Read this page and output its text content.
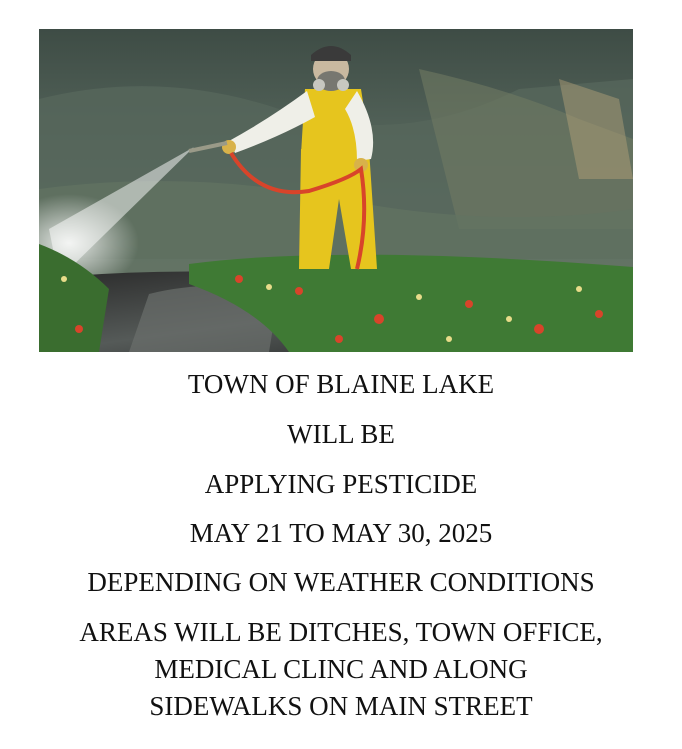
TOWN OF BLAINE LAKE
WILL BE
APPLYING PESTICIDE
MAY 21 TO MAY 30, 2025
DEPENDING ON WEATHER CONDITIONS
AREAS WILL BE DITCHES, TOWN OFFICE,
MEDICAL CLINC AND ALONG
SIDEWALKS ON MAIN STREET
